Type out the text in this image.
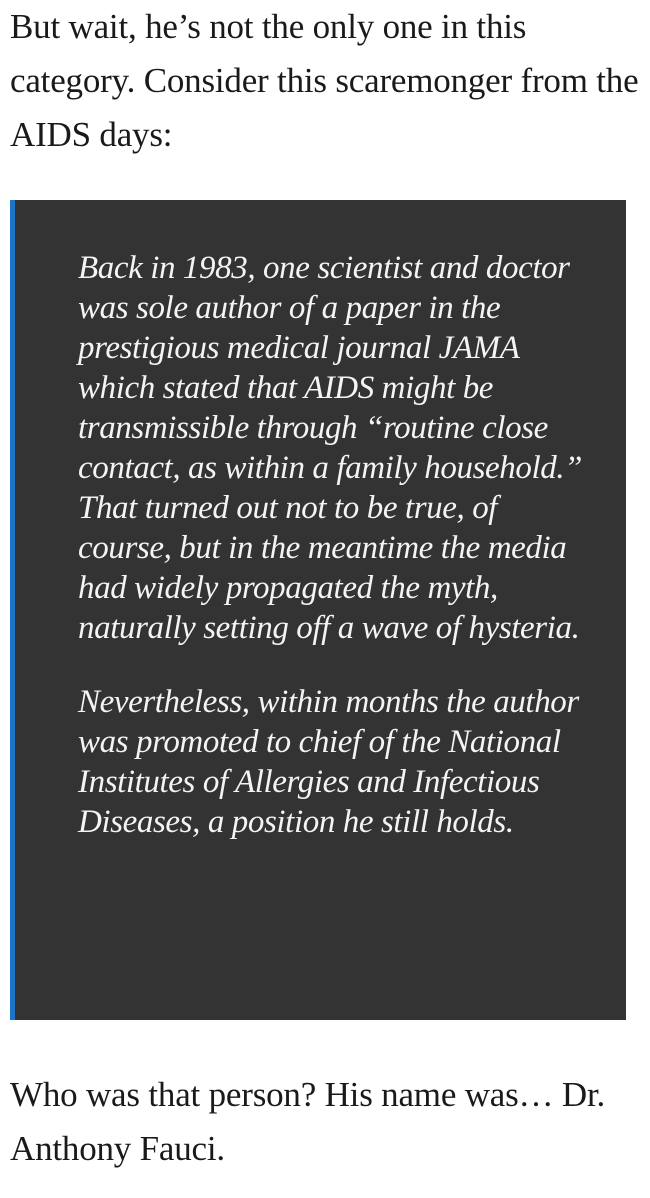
But wait, he’s not the only one in this category. Consider this scaremonger from the AIDS days:

Back in 1983, one scientist and doctor was sole author of a paper in the prestigious medical journal JAMA which stated that AIDS might be transmissible through “routine close contact, as within a family household.” That turned out not to be true, of course, but in the meantime the media had widely propagated the myth, naturally setting off a wave of hysteria.

Nevertheless, within months the author was promoted to chief of the National Institutes of Allergies and Infectious Diseases, a position he still holds.

Who was that person? His name was… Dr. Anthony Fauci.
